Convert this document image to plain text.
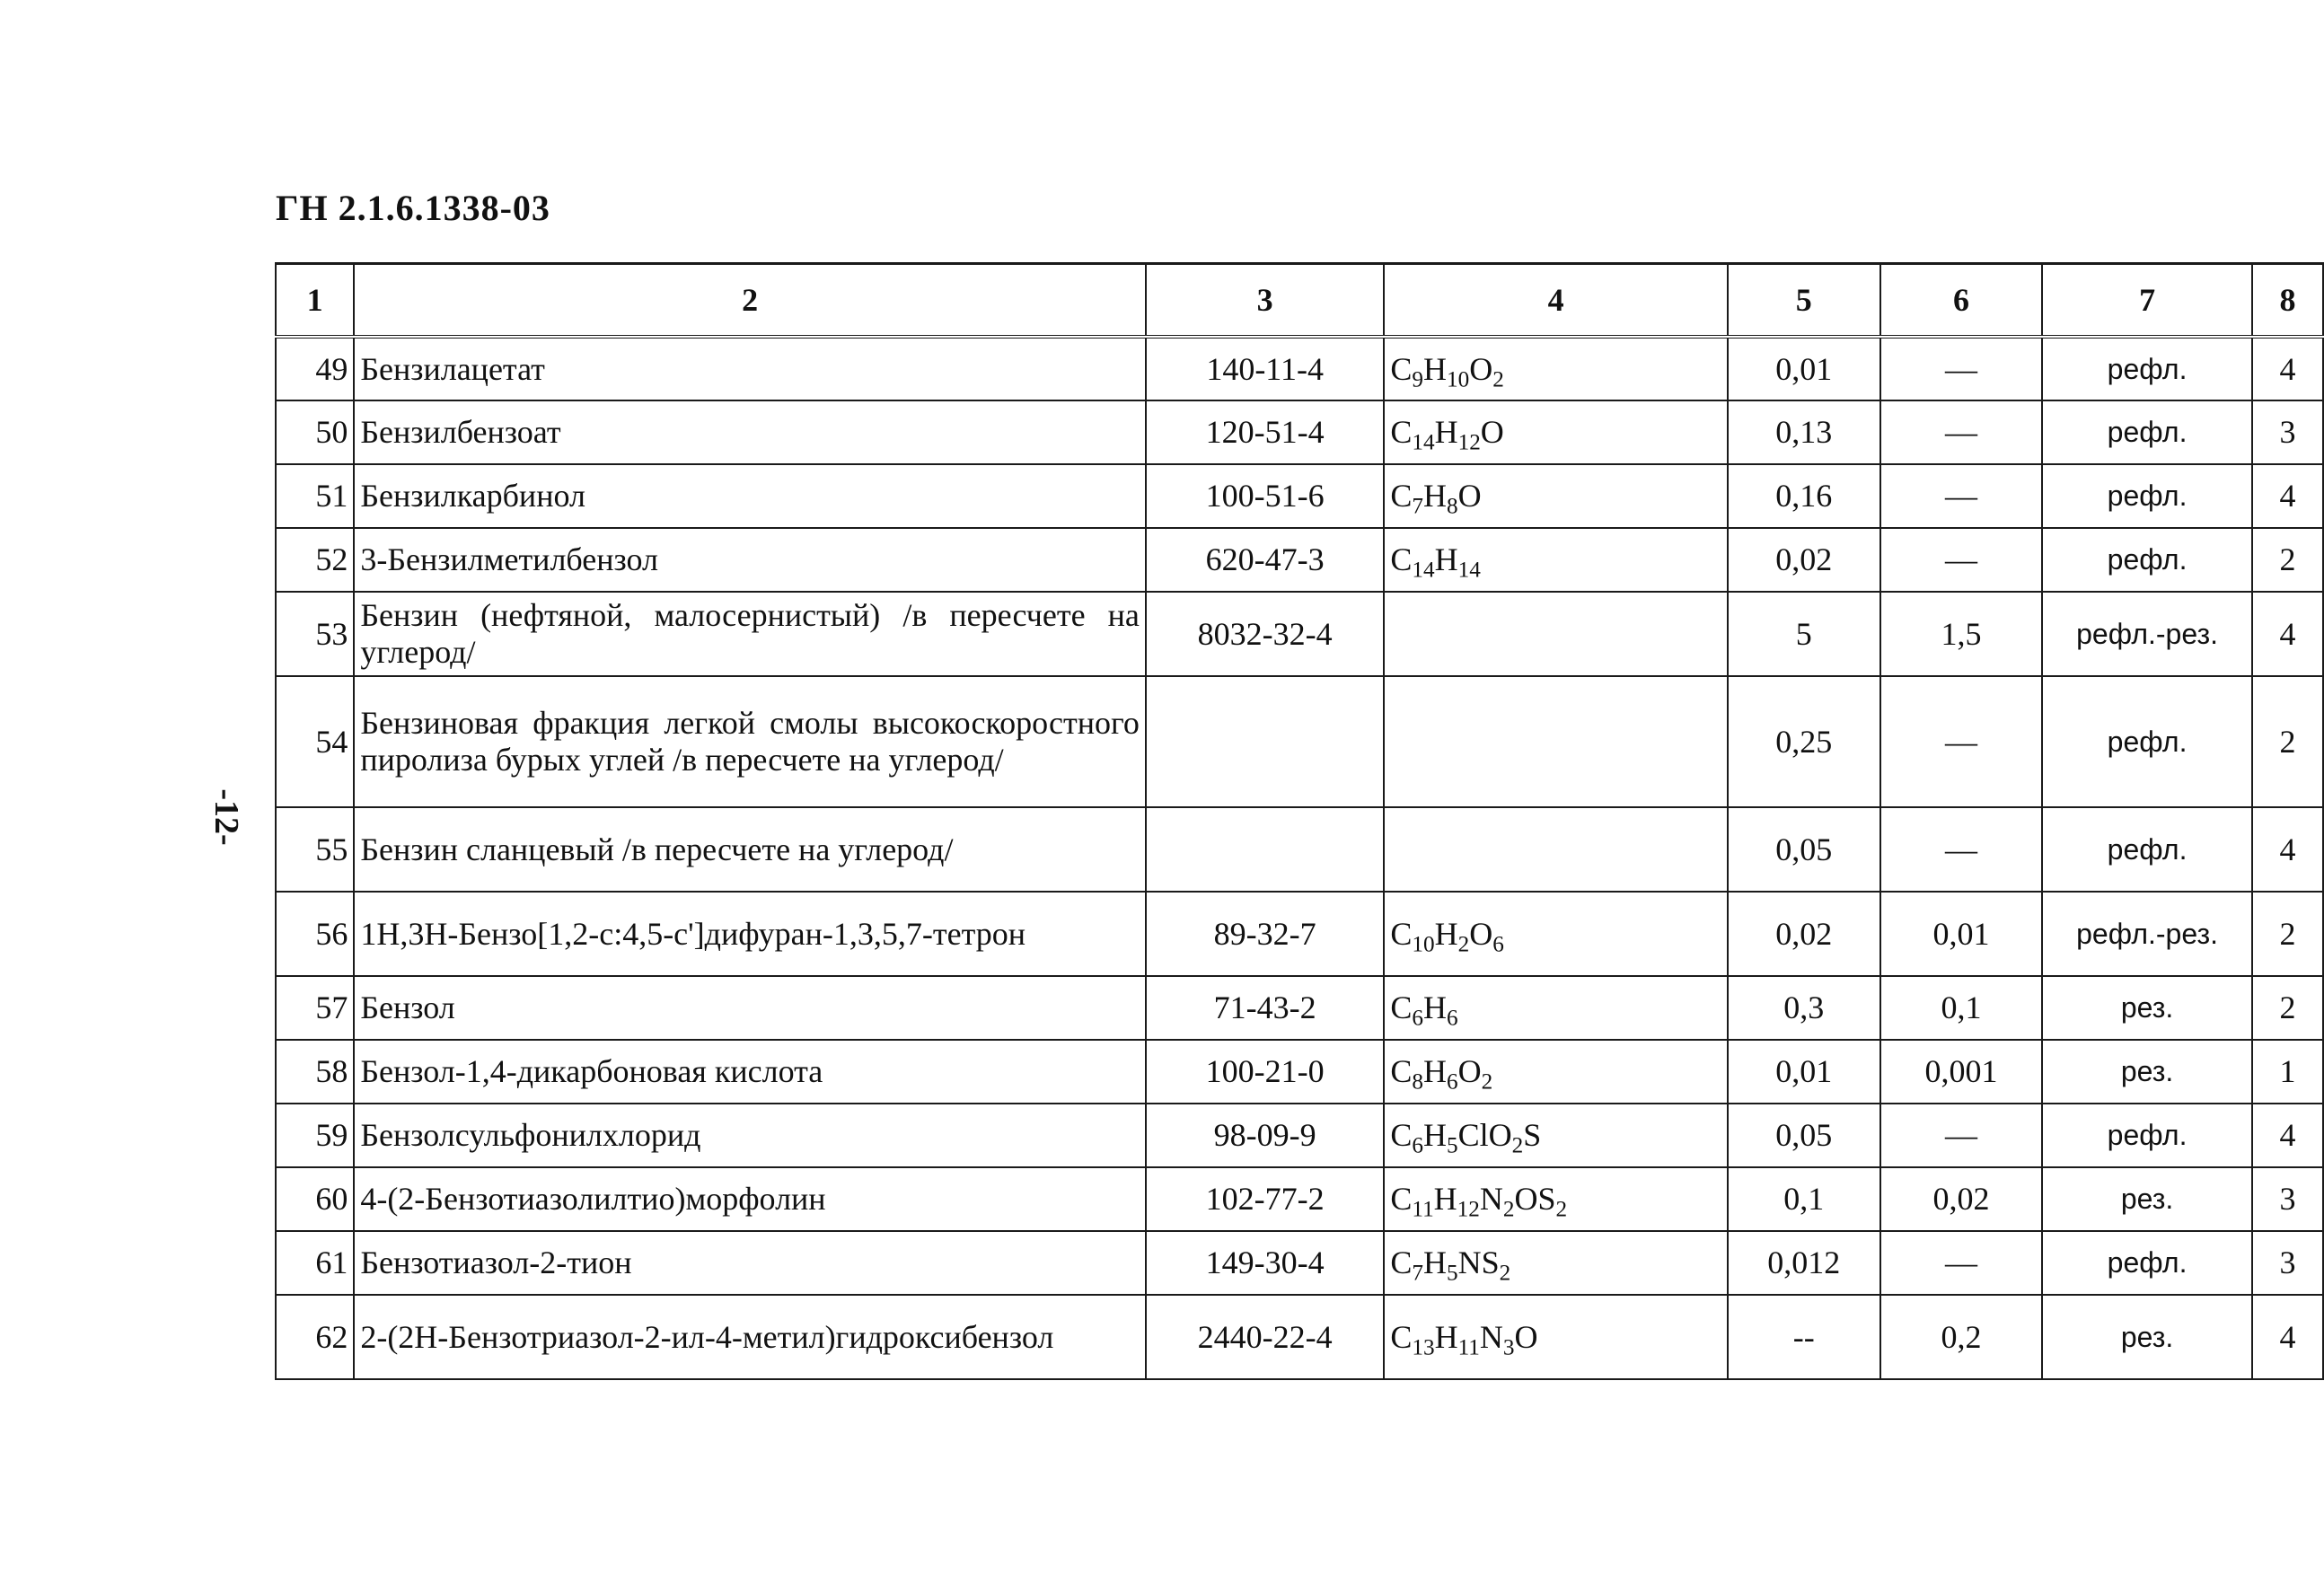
ГН 2.1.6.1338-03
-12-
1	2	3	4	5	6	7	8
49	Бензилацетат	140-11-4	$C_9H_{10}O_2$	0,01	—	рефл.	4
50	Бензилбензоат	120-51-4	$C_{14}H_{12}O$	0,13	—	рефл.	3
51	Бензилкарбинол	100-51-6	$C_7H_8O$	0,16	—	рефл.	4
52	3-Бензилметилбензол	620-47-3	$C_{14}H_{14}$	0,02	—	рефл.	2
53	Бензин (нефтяной, малосернистый) /в пересчете на углерод/	8032-32-4		5	1,5	рефл.-рез.	4
54	Бензиновая фракция легкой смолы высокоскоростного пиролиза бурых углей /в пересчете на углерод/			0,25	—	рефл.	2
55	Бензин сланцевый /в пересчете на углерод/			0,05	—	рефл.	4
56	1Н,3Н-Бензо[1,2-с:4,5-с']дифуран-1,3,5,7-тетрон	89-32-7	$C_{10}H_2O_6$	0,02	0,01	рефл.-рез.	2
57	Бензол	71-43-2	$C_6H_6$	0,3	0,1	рез.	2
58	Бензол-1,4-дикарбоновая кислота	100-21-0	$C_8H_6O_2$	0,01	0,001	рез.	1
59	Бензолсульфонилхлорид	98-09-9	$C_6H_5ClO_2S$	0,05	—	рефл.	4
60	4-(2-Бензотиазолилтио)морфолин	102-77-2	$C_{11}H_{12}N_2OS_2$	0,1	0,02	рез.	3
61	Бензотиазол-2-тион	149-30-4	$C_7H_5NS_2$	0,012	—	рефл.	3
62	2-(2Н-Бензотриазол-2-ил-4-метил)гидроксибензол	2440-22-4	$C_{13}H_{11}N_3O$	--	0,2	рез.	4
